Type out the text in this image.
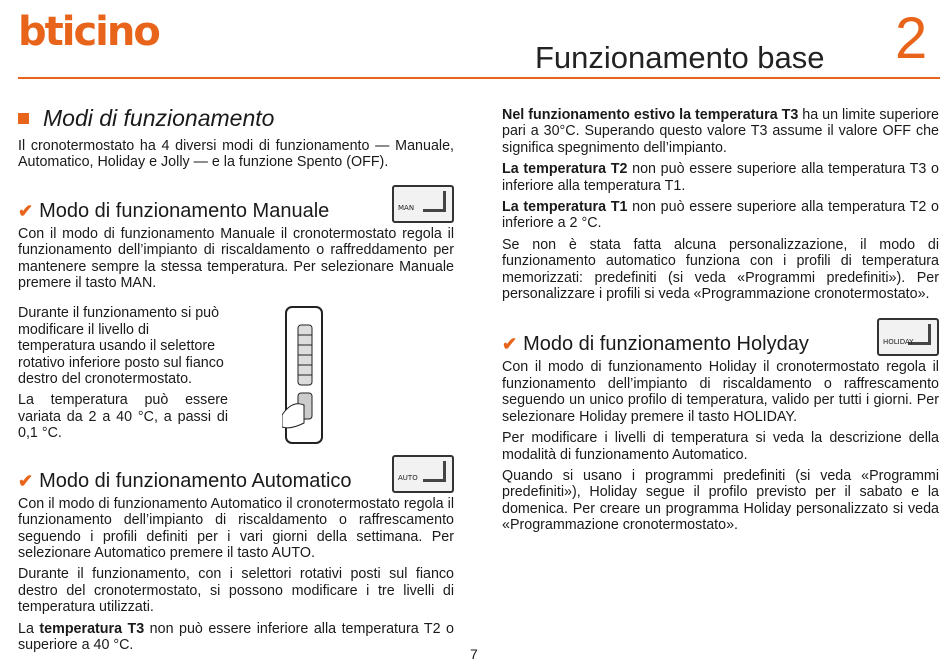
bticino
Funzionamento base 2
Modi di funzionamento

Il cronotermostato ha 4 diversi modi di funzionamento — Manuale, Automatico, Holiday e Jolly — e la funzione Spento (OFF).

✔ Modo di funzionamento Manuale	MAN

Con il modo di funzionamento Manuale il cronotermostato regola il funzionamento dell’impianto di riscaldamento o raffreddamento per mantenere sempre la stessa temperatura. Per selezionare Manuale premere il tasto MAN.

Durante il funzionamento si può modificare il livello di temperatura usando il selettore rotativo inferiore posto sul fianco destro del cronotermostato.

La temperatura può essere variata da 2 a 40 °C, a passi di 0,1 °C.

✔ Modo di funzionamento Automatico	AUTO

Con il modo di funzionamento Automatico il cronotermostato regola il funzionamento dell’impianto di riscaldamento o raffrescamento seguendo i profili definiti per i vari giorni della settimana. Per selezionare Automatico premere il tasto AUTO.

Durante il funzionamento, con i selettori rotativi posti sul fianco destro del cronotermostato, si possono modificare i tre livelli di temperatura utilizzati.

La temperatura T3 non può essere inferiore alla temperatura T2 o superiore a 40 °C.

Nel funzionamento estivo la temperatura T3 ha un limite superiore pari a 30°C. Superando questo valore T3 assume il valore OFF che significa spegnimento dell’impianto.

La temperatura T2 non può essere superiore alla temperatura T3 o inferiore alla temperatura T1.

La temperatura T1 non può essere superiore alla temperatura T2 o inferiore a 2 °C.

Se non è stata fatta alcuna personalizzazione, il modo di funzionamento automatico funziona con i profili di temperatura memorizzati: predefiniti (si veda «Programmi predefiniti»). Per personalizzare i profili si veda «Programmazione cronotermostato».

✔ Modo di funzionamento Holyday	HOLIDAY

Con il modo di funzionamento Holiday il cronotermostato regola il funzionamento dell’impianto di riscaldamento o raffrescamento seguendo un unico profilo di temperatura, valido per tutti i giorni. Per selezionare Holiday premere il tasto HOLIDAY.

Per modificare i livelli di temperatura si veda la descrizione della modalità di funzionamento Automatico.

Quando si usano i programmi predefiniti (si veda «Programmi predefiniti»), Holiday segue il profilo previsto per il sabato e la domenica. Per creare un programma Holiday personalizzato si veda «Programmazione cronotermostato».

7
